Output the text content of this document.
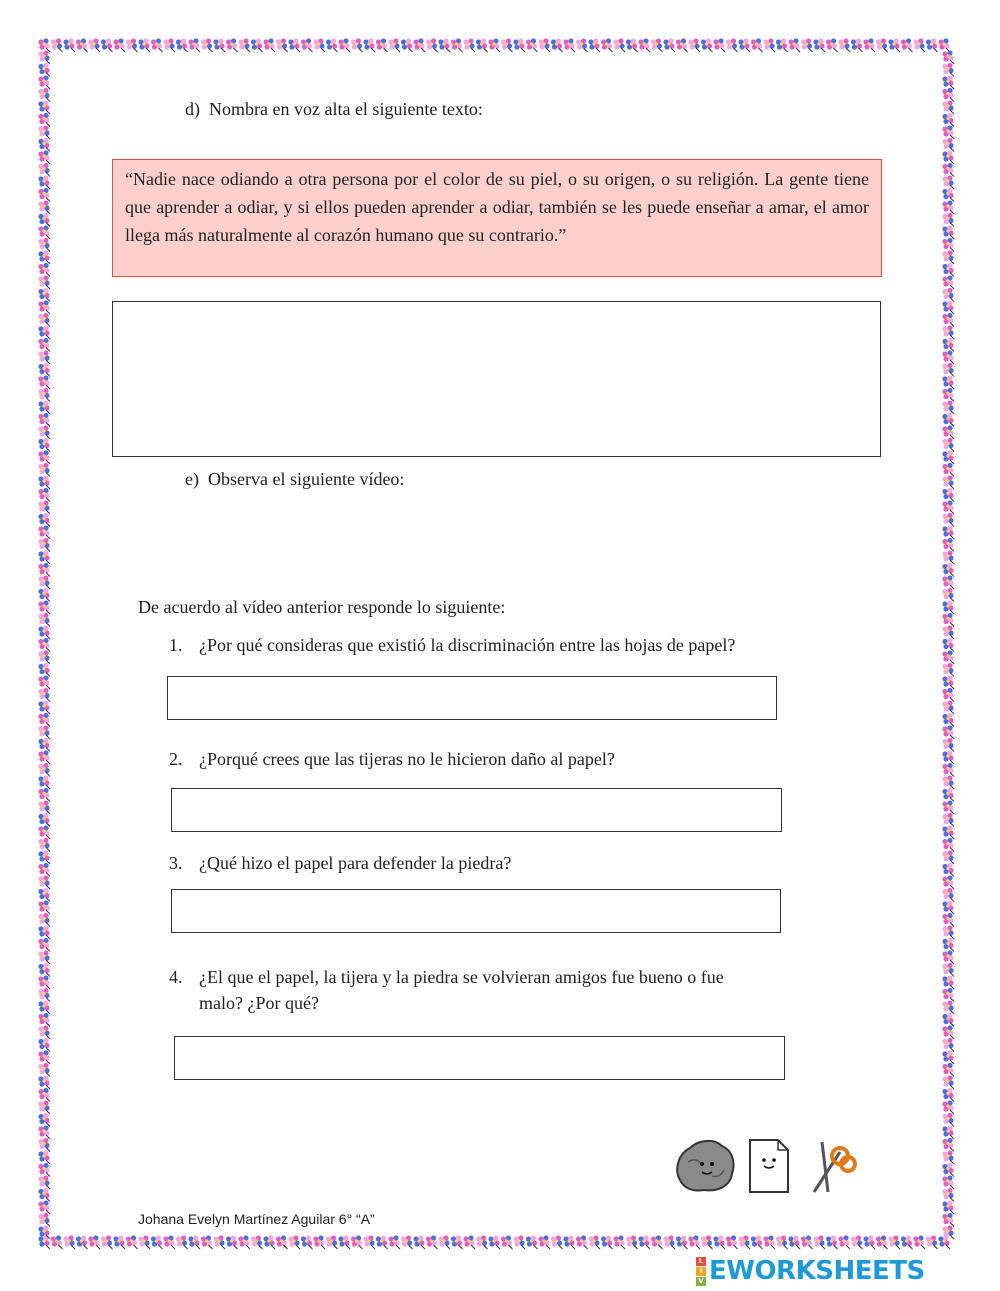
d) Nombra en voz alta el siguiente texto:
“Nadie nace odiando a otra persona por el color de su piel, o su origen, o su religión. La gente tiene que aprender a odiar, y si ellos pueden aprender a odiar, también se les puede enseñar a amar, el amor llega más naturalmente al corazón humano que su contrario.”
e) Observa el siguiente vídeo:
De acuerdo al vídeo anterior responde lo siguiente:
1. ¿Por qué consideras que existió la discriminación entre las hojas de papel?
2. ¿Porqué crees que las tijeras no le hicieron daño al papel?
3. ¿Qué hizo el papel para defender la piedra?
4. ¿El que el papel, la tijera y la piedra se volvieran amigos fue bueno o fue
malo? ¿Por qué?
Johana Evelyn Martínez Aguilar 6° “A”
L
I
V EWORKSHEETS
